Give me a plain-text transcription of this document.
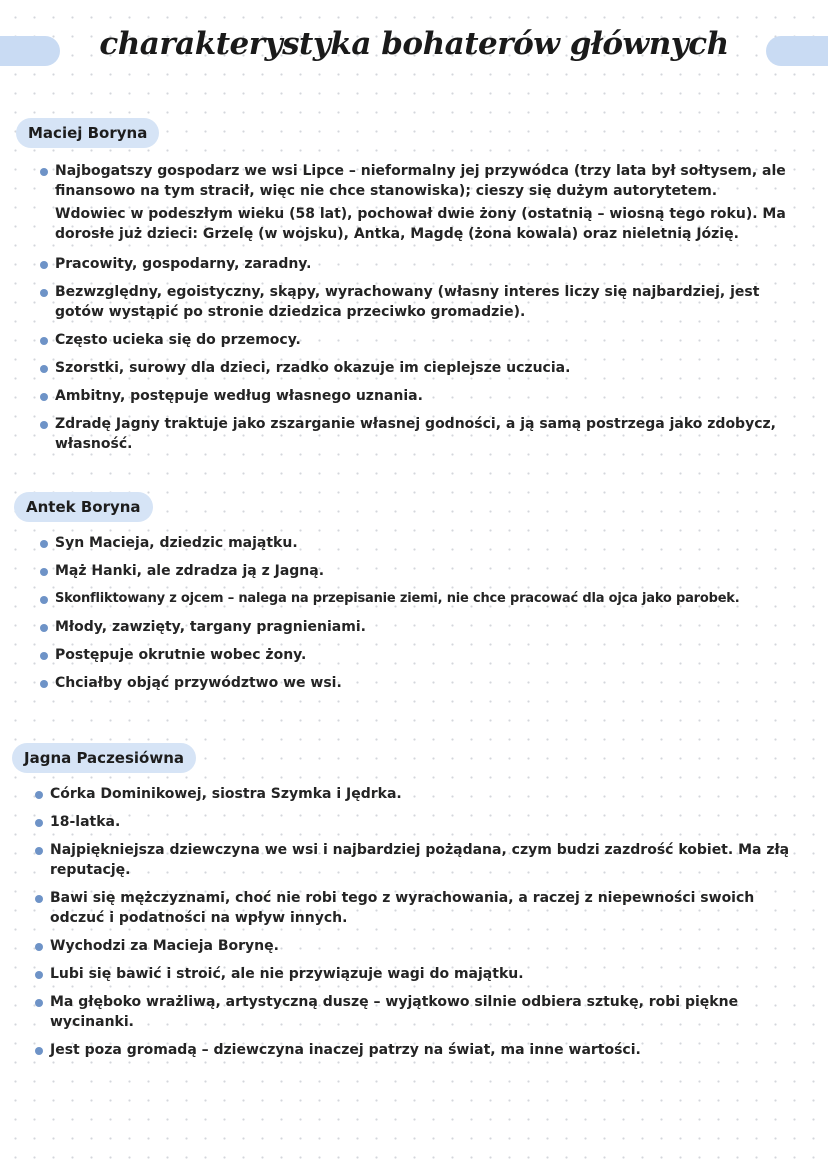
charakterystyka bohaterów głównych
Maciej Boryna
Najbogatszy gospodarz we wsi Lipce – nieformalny jej przywódca (trzy lata był sołtysem, ale finansowo na tym stracił, więc nie chce stanowiska); cieszy się dużym autorytetem.
Wdowiec w podeszłym wieku (58 lat), pochował dwie żony (ostatnią – wiosną tego roku). Ma dorosłe już dzieci: Grzelę (w wojsku), Antka, Magdę (żona kowala) oraz nieletnią Józię.
Pracowity, gospodarny, zaradny.
Bezwzględny, egoistyczny, skąpy, wyrachowany (własny interes liczy się najbardziej, jest gotów wystąpić po stronie dziedzica przeciwko gromadzie).
Często ucieka się do przemocy.
Szorstki, surowy dla dzieci, rzadko okazuje im cieplejsze uczucia.
Ambitny, postępuje według własnego uznania.
Zdradę Jagny traktuje jako zszarganie własnej godności, a ją samą postrzega jako zdobycz, własność.
Antek Boryna
Syn Macieja, dziedzic majątku.
Mąż Hanki, ale zdradza ją z Jagną.
Skonfliktowany z ojcem – nalega na przepisanie ziemi, nie chce pracować dla ojca jako parobek.
Młody, zawzięty, targany pragnieniami.
Postępuje okrutnie wobec żony.
Chciałby objąć przywództwo we wsi.
Jagna Paczesiówna
Córka Dominikowej, siostra Szymka i Jędrka.
18-latka.
Najpiękniejsza dziewczyna we wsi i najbardziej pożądana, czym budzi zazdrość kobiet. Ma złą reputację.
Bawi się mężczyznami, choć nie robi tego z wyrachowania, a raczej z niepewności swoich odczuć i podatności na wpływ innych.
Wychodzi za Macieja Borynę.
Lubi się bawić i stroić, ale nie przywiązuje wagi do majątku.
Ma głęboko wrażliwą, artystyczną duszę – wyjątkowo silnie odbiera sztukę, robi piękne wycinanki.
Jest poza gromadą – dziewczyna inaczej patrzy na świat, ma inne wartości.
